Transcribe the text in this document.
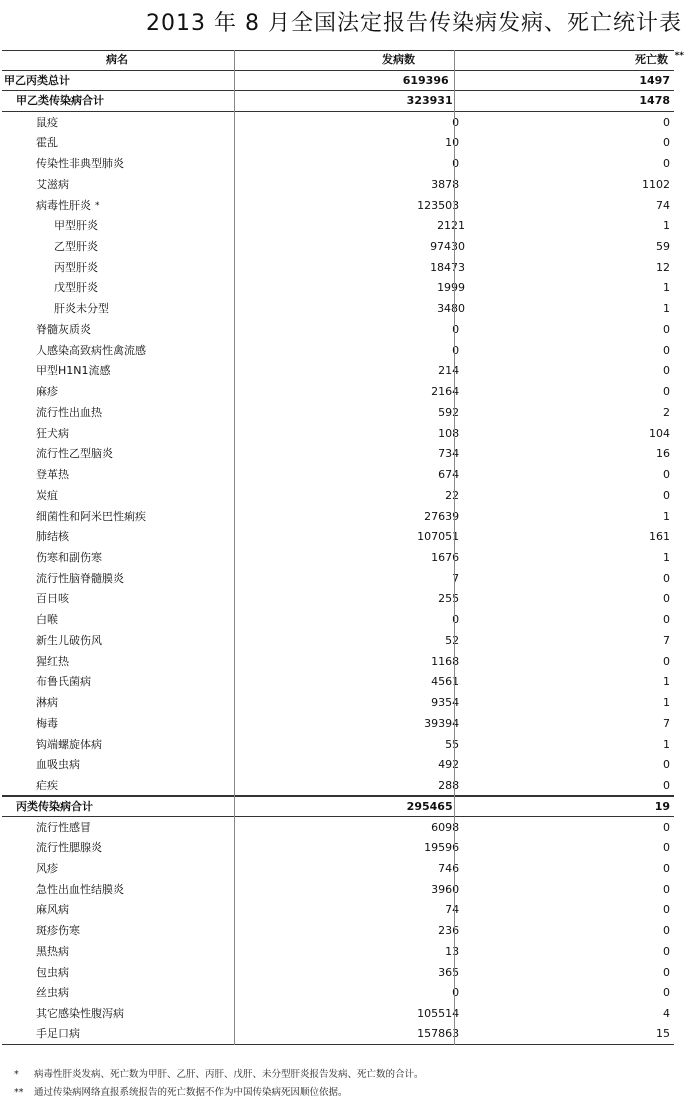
2013 年 8 月全国法定报告传染病发病、死亡统计表
病名	发病数	死亡数 **
甲乙丙类总计	619396	1497
甲乙类传染病合计	323931	1478
鼠疫	0	0
霍乱	10	0
传染性非典型肺炎	0	0
艾滋病	3878	1102
病毒性肝炎 *	123503	74
甲型肝炎	2121	1
乙型肝炎	97430	59
丙型肝炎	18473	12
戊型肝炎	1999	1
肝炎未分型	3480	1
脊髓灰质炎	0	0
人感染高致病性禽流感	0	0
甲型H1N1流感	214	0
麻疹	2164	0
流行性出血热	592	2
狂犬病	108	104
流行性乙型脑炎	734	16
登革热	674	0
炭疽	22	0
细菌性和阿米巴性痢疾	27639	1
肺结核	107051	161
伤寒和副伤寒	1676	1
流行性脑脊髓膜炎	7	0
百日咳	255	0
白喉	0	0
新生儿破伤风	52	7
猩红热	1168	0
布鲁氏菌病	4561	1
淋病	9354	1
梅毒	39394	7
钩端螺旋体病	55	1
血吸虫病	492	0
疟疾	288	0
丙类传染病合计	295465	19
流行性感冒	6098	0
流行性腮腺炎	19596	0
风疹	746	0
急性出血性结膜炎	3960	0
麻风病	74	0
斑疹伤寒	236	0
黑热病	13	0
包虫病	365	0
丝虫病	0	0
其它感染性腹泻病	105514	4
手足口病	157863	15
* 病毒性肝炎发病、死亡数为甲肝、乙肝、丙肝、戊肝、未分型肝炎报告发病、死亡数的合计。
** 通过传染病网络直报系统报告的死亡数据不作为中国传染病死因顺位依据。
